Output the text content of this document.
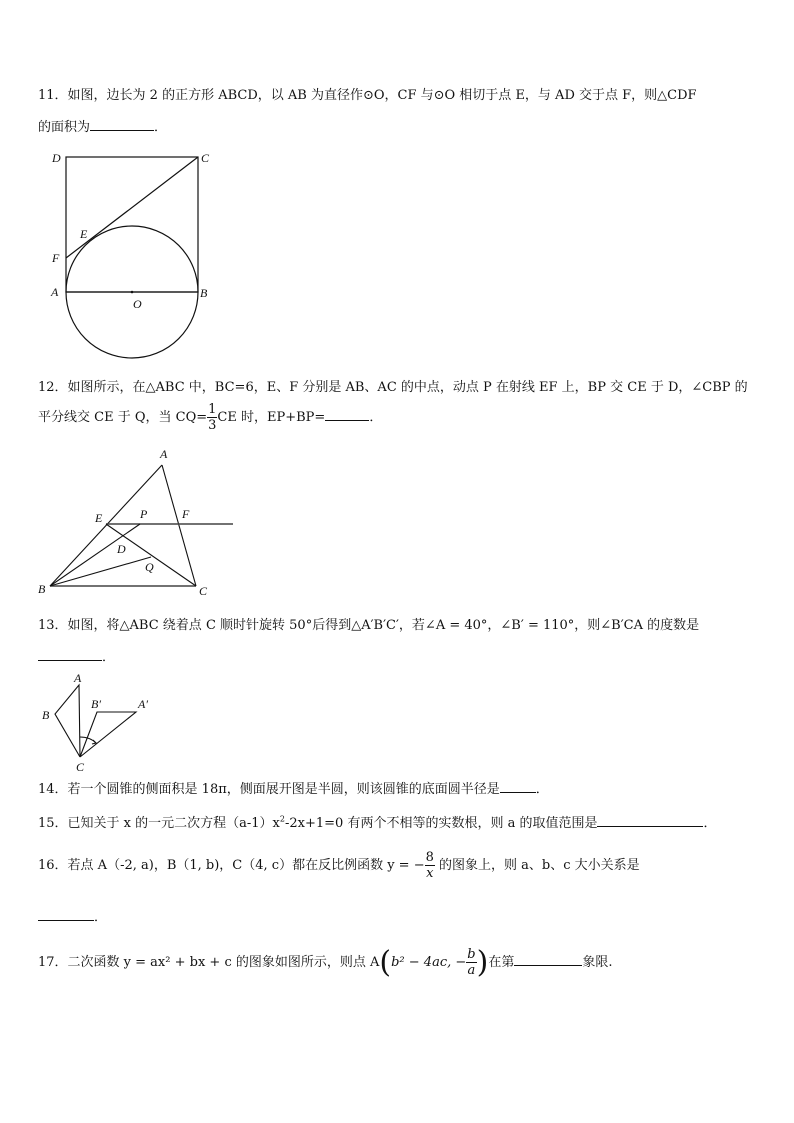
11．如图，边长为 2 的正方形 ABCD，以 AB 为直径作⊙O，CF 与⊙O 相切于点 E，与 AD 交于点 F，则△CDF
的面积为	．
D	C
E
F
A
O
B
A
E	P	F
D
Q
B	C
A
B
B′	A′
C
12．如图所示，在△ABC 中，BC=6，E、F 分别是 AB、AC 的中点，动点 P 在射线 EF 上，BP 交 CE 于 D，∠CBP 的
平分线交 CE 于 Q，当 $CQ= \frac{1}{3}$ CE 时，EP+BP=	．
13．如图，将△ABC 绕着点 C 顺时针旋转 50°后得到△A′B′C′，若∠A = 40°，∠B′ = 110°，则∠B′CA 的度数是
．
14．若一个圆锥的侧面积是 18π，侧面展开图是半圆，则该圆锥的底面圆半径是	．
15．已知关于 x 的一元二次方程$(a-1)x^2-2x+1=0$ 有两个不相等的实数根，则 a 的取值范围是	．
16．若点 A（-2, a)，B（1, b)，C（4, c）都在反比例函数 y = − $\frac{8}{x}$ 的图象上，则 a、b、c 大小关系是
．
17．二次函数 y = ax² + bx + c 的图象如图所示，则点 A(b² − 4ac, − $\frac{b}{a}$ )在第	象限.
